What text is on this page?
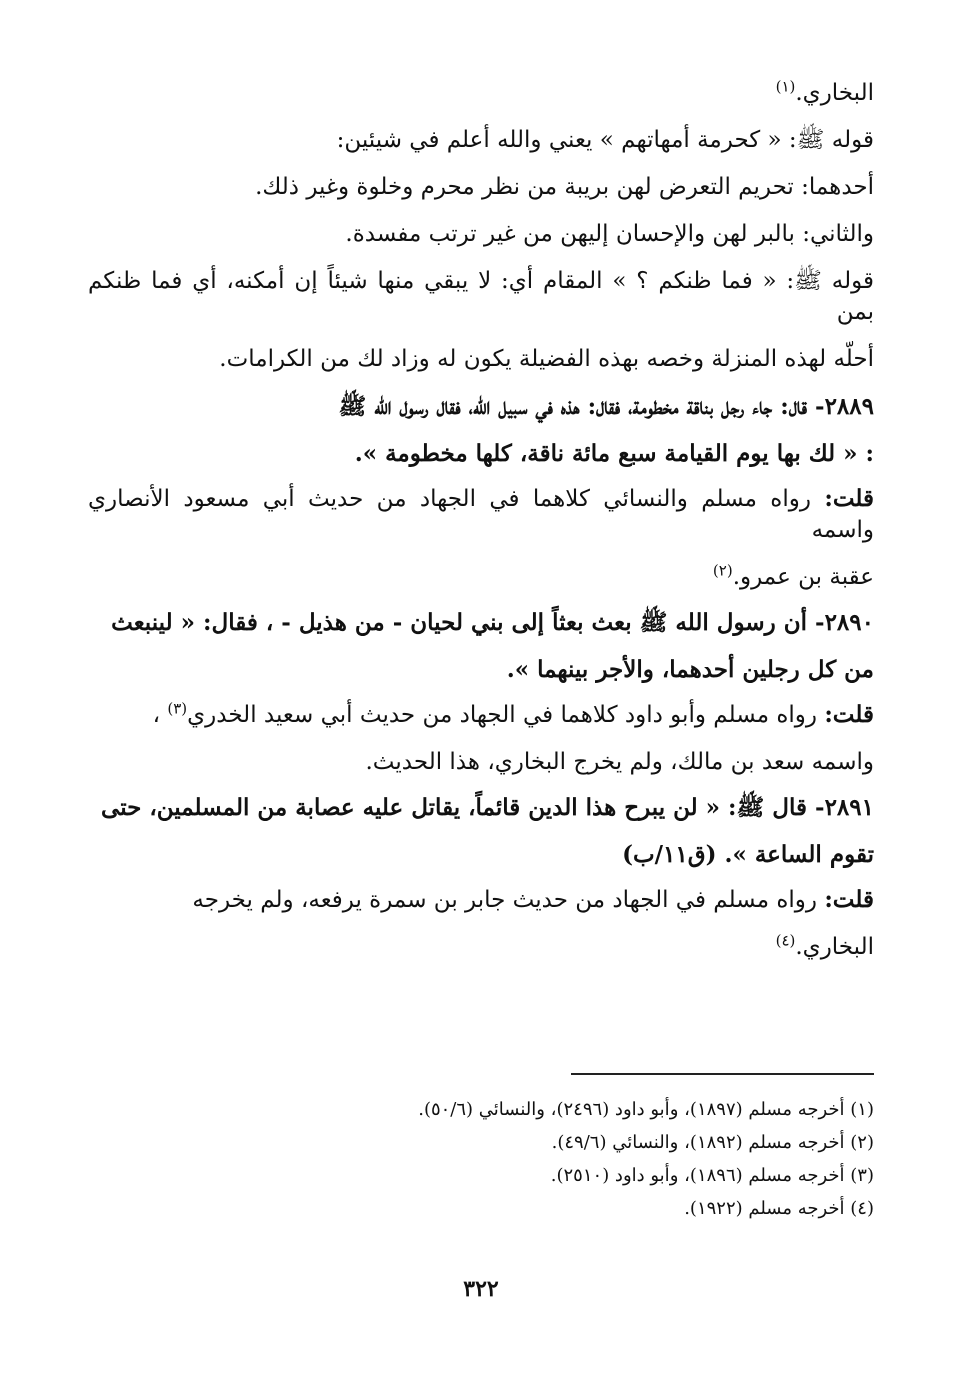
البخاري.$^{(١)}$
قوله ﷺ: « كحرمة أمهاتهم » يعني والله أعلم في شيئين:
أحدهما: تحريم التعرض لهن بريبة من نظر محرم وخلوة وغير ذلك.
والثاني: بالبر لهن والإحسان إليهن من غير ترتب مفسدة.
قوله ﷺ: « فما ظنكم ؟ » المقام أي: لا يبقي منها شيئاً إن أمكنه، أي فما ظنكم بمن
أحلّه لهذه المنزلة وخصه بهذه الفضيلة يكون له وزاد لك من الكرامات.
٢٨٨٩- قال: جاء رجل بناقة مخطومة، فقال: هذه في سبيل الله، فقال رسول الله ﷺ
: « لك بها يوم القيامة سبع مائة ناقة، كلها مخطومة ».
قلت: رواه مسلم والنسائي كلاهما في الجهاد من حديث أبي مسعود الأنصاري واسمه
عقبة بن عمرو.$^{(٢)}$
٢٨٩٠- أن رسول الله ﷺ بعث بعثاً إلى بني لحيان - من هذيل - ، فقال: « لينبعث
من كل رجلين أحدهما، والأجر بينهما ».
قلت: رواه مسلم وأبو داود كلاهما في الجهاد من حديث أبي سعيد الخدري$^{(٣)}$ ،
واسمه سعد بن مالك، ولم يخرج البخاري، هذا الحديث.
٢٨٩١- قال ﷺ: « لن يبرح هذا الدين قائماً، يقاتل عليه عصابة من المسلمين، حتى
تقوم الساعة ». (ق١١/ب)
قلت: رواه مسلم في الجهاد من حديث جابر بن سمرة يرفعه، ولم يخرجه
البخاري.$^{(٤)}$
(١) أخرجه مسلم (١٨٩٧)، وأبو داود (٢٤٩٦)، والنسائي (٥٠/٦).
(٢) أخرجه مسلم (١٨٩٢)، والنسائي (٤٩/٦).
(٣) أخرجه مسلم (١٨٩٦)، وأبو داود (٢٥١٠).
(٤) أخرجه مسلم (١٩٢٢).
٣٢٢
